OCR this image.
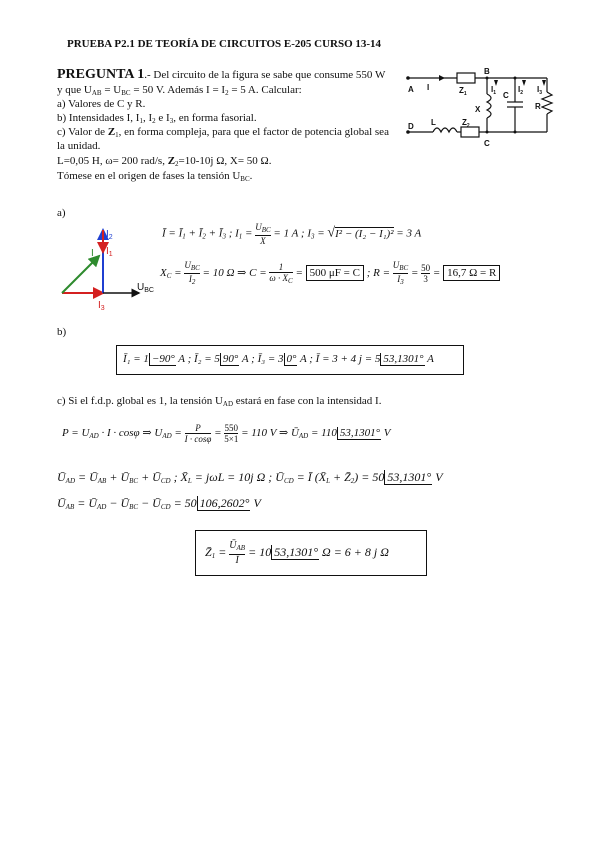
PRUEBA P2.1 DE TEORÍA DE CIRCUITOS E-205 CURSO 13-14
PREGUNTA 1.- Del circuito de la figura se sabe que consume 550 W
y que $U_{AB} = U_{BC} = 50$ V. Además $I = I_2 = 5$ A. Calcular:
a) Valores de C y R.
b) Intensidades I, $I_1$, $I_2$ e $I_3$, en forma fasorial.
c) Valor de $Z_1$, en forma compleja, para que el factor de potencia global sea
la unidad.
L=0,05 H, ω= 200 rad/s, $Z_2=10-10j$ Ω, X= 50 Ω.
Tómese en el origen de fases la tensión $U_{BC}$.
A I	$Z_1$
B
$I_1$	$I_2$ $I_3$
X
C
R
D L	$Z_2$
C
a)
$I_2$
$I_1$
I
$I_3$
$U_{BC}$
Ī = $Ī_1$ + $Ī_2$ + $Ī_3$ ; $I_1$ =
$U_{BC}$
X
= 1 A ; $I_3 = √I^2 - (I_2 - I_1)^2 = 3$ A
$X_C$ =
$U_{BC}$
$I_2$
= 10 Ω ⇒ $C = \frac{1}{\omega \cdot X_C} = 500$ μF = C ; R =
$U_{BC}$
$I_3$
= $\frac{50}{3} = 16,7$ Ω = R
b)
Ī₁ = 1 −90° A ; Ī₂ = 5 90° A ; Ī₃ = 3 0° A ; Ī = 3 + 4 j = 5 53,1301° A
c) Si el f.d.p. global es 1, la tensión $U_{AD}$ estará en fase con la intensidad I.
$P = U_{AD} \cdot I \cdot \cos\varphi$ ⇒ $U_{AD} = \frac{P}{I \cdot \cos\varphi} = \frac{550}{5\times 1} = 110$ V ⇒ $Ū_{AD} = 110$ 53,1301° V
$Ū_{AD}$ = $Ū_{AB}$ + $Ū_{BC}$ + $Ū_{CD}$ ; $X̄_L = j\omega L = 10j$ Ω ; $Ū_{CD}$ = Ī ($X̄_L$ + $Z̄_2) = 50$ 53,1301° V
$Ū_{AB}$ = $Ū_{AD}$ − $Ū_{BC}$ − $Ū_{CD} = 50$ 106,2602° V
$Z̄_1$ = $Ū_{AB}$
Ī
= 10 53,1301° Ω = 6 + 8 j Ω
